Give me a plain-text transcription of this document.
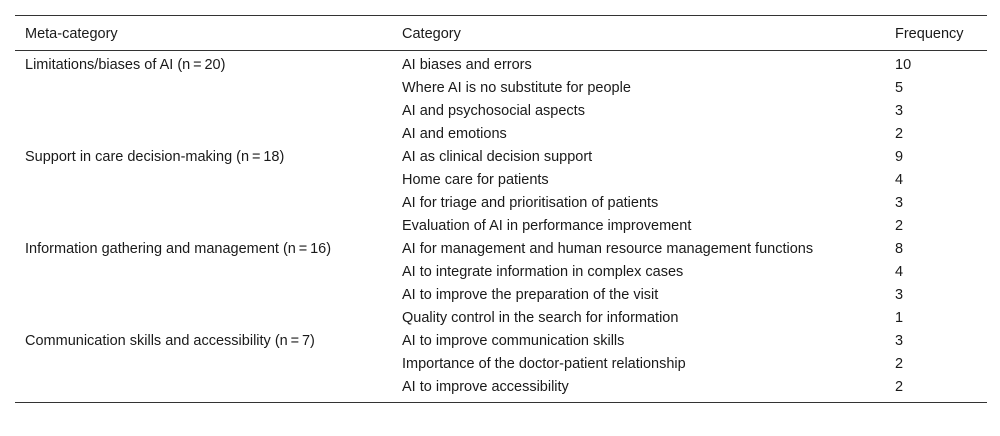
Meta-category	Category	Frequency
Limitations/biases of AI (n = 20)	AI biases and errors	10
	Where AI is no substitute for people	5
	AI and psychosocial aspects	3
	AI and emotions	2
Support in care decision-making (n = 18)	AI as clinical decision support	9
	Home care for patients	4
	AI for triage and prioritisation of patients	3
	Evaluation of AI in performance improvement	2
Information gathering and management (n = 16)	AI for management and human resource management functions	8
	AI to integrate information in complex cases	4
	AI to improve the preparation of the visit	3
	Quality control in the search for information	1
Communication skills and accessibility (n = 7)	AI to improve communication skills	3
	Importance of the doctor-patient relationship	2
	AI to improve accessibility	2
